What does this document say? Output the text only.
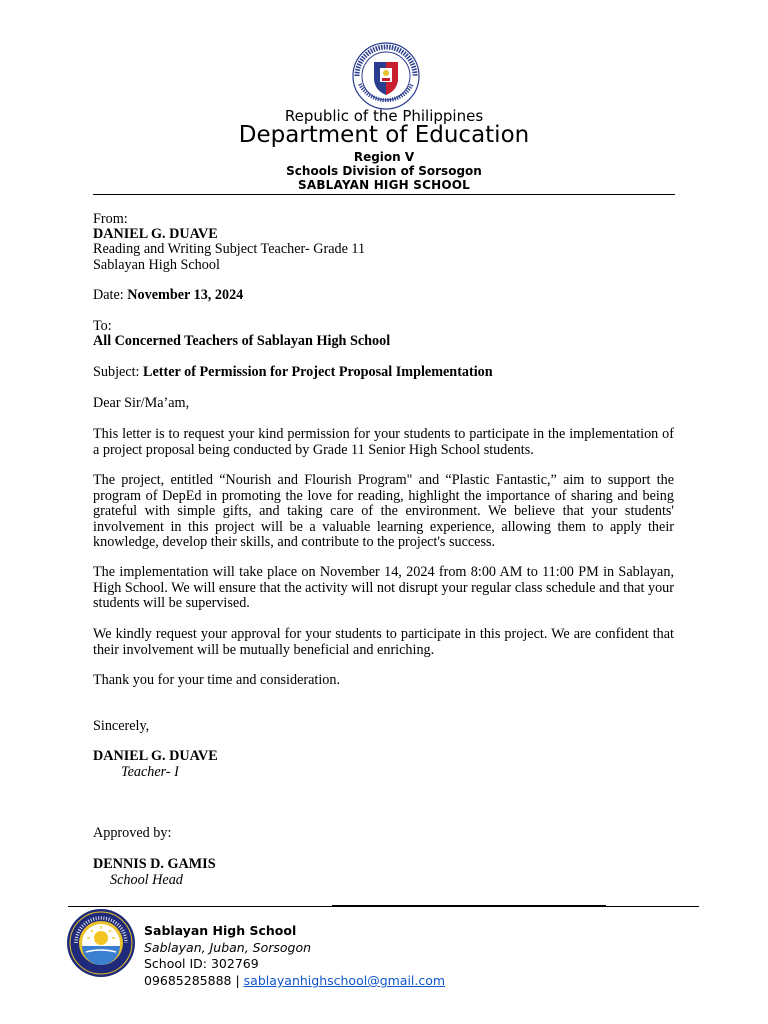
Republic of the Philippines
Department of Education
Region V
Schools Division of Sorsogon
SABLAYAN HIGH SCHOOL
From:
DANIEL G. DUAVE
Reading and Writing Subject Teacher- Grade 11
Sablayan High School
Date: November 13, 2024
To:
All Concerned Teachers of Sablayan High School
Subject: Letter of Permission for Project Proposal Implementation
Dear Sir/Ma’am,
This letter is to request your kind permission for your students to participate in the implementation of a project proposal being conducted by Grade 11 Senior High School students.
The project, entitled “Nourish and Flourish Program" and “Plastic Fantastic,” aim to support the program of DepEd in promoting the love for reading, highlight the importance of sharing and being grateful with simple gifts, and taking care of the environment. We believe that your students' involvement in this project will be a valuable learning experience, allowing them to apply their knowledge, develop their skills, and contribute to the project's success.
The implementation will take place on November 14, 2024 from 8:00 AM to 11:00 PM in Sablayan, High School. We will ensure that the activity will not disrupt your regular class schedule and that your students will be supervised.
We kindly request your approval for your students to participate in this project. We are confident that their involvement will be mutually beneficial and enriching.
Thank you for your time and consideration.
Sincerely,
DANIEL G. DUAVE
Teacher- I
Approved by:
DENNIS D. GAMIS
School Head
Sablayan High School
Sablayan, Juban, Sorsogon
School ID: 302769
09685285888 | sablayanhighschool@gmail.com
